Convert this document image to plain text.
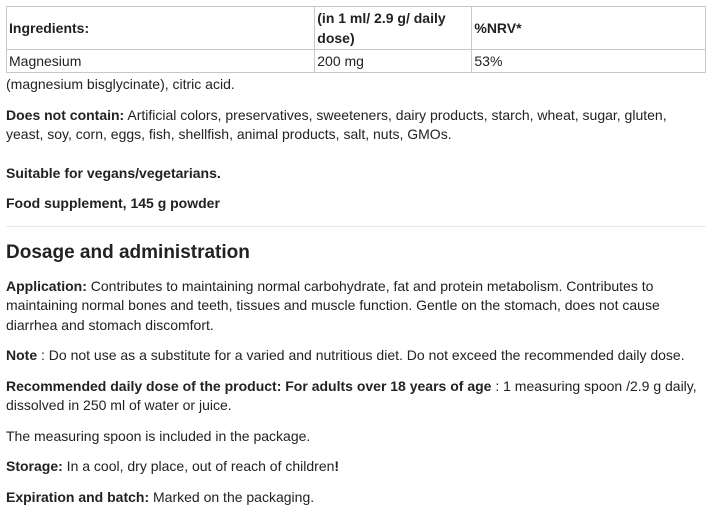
Ingredients:	(in 1 ml/ 2.9 g/ daily dose)	%NRV*
Magnesium	200 mg	53%

(magnesium bisglycinate), citric acid.

Does not contain: Artificial colors, preservatives, sweeteners, dairy products, starch, wheat, sugar, gluten, yeast, soy, corn, eggs, fish, shellfish, animal products, salt, nuts, GMOs.

Suitable for vegans/vegetarians.

Food supplement, 145 g powder

Dosage and administration

Application: Contributes to maintaining normal carbohydrate, fat and protein metabolism. Contributes to maintaining normal bones and teeth, tissues and muscle function. Gentle on the stomach, does not cause diarrhea and stomach discomfort.

Note : Do not use as a substitute for a varied and nutritious diet. Do not exceed the recommended daily dose.

Recommended daily dose of the product: For adults over 18 years of age : 1 measuring spoon /2.9 g daily, dissolved in 250 ml of water or juice.

The measuring spoon is included in the package.

Storage: In a cool, dry place, out of reach of children!

Expiration and batch: Marked on the packaging.
